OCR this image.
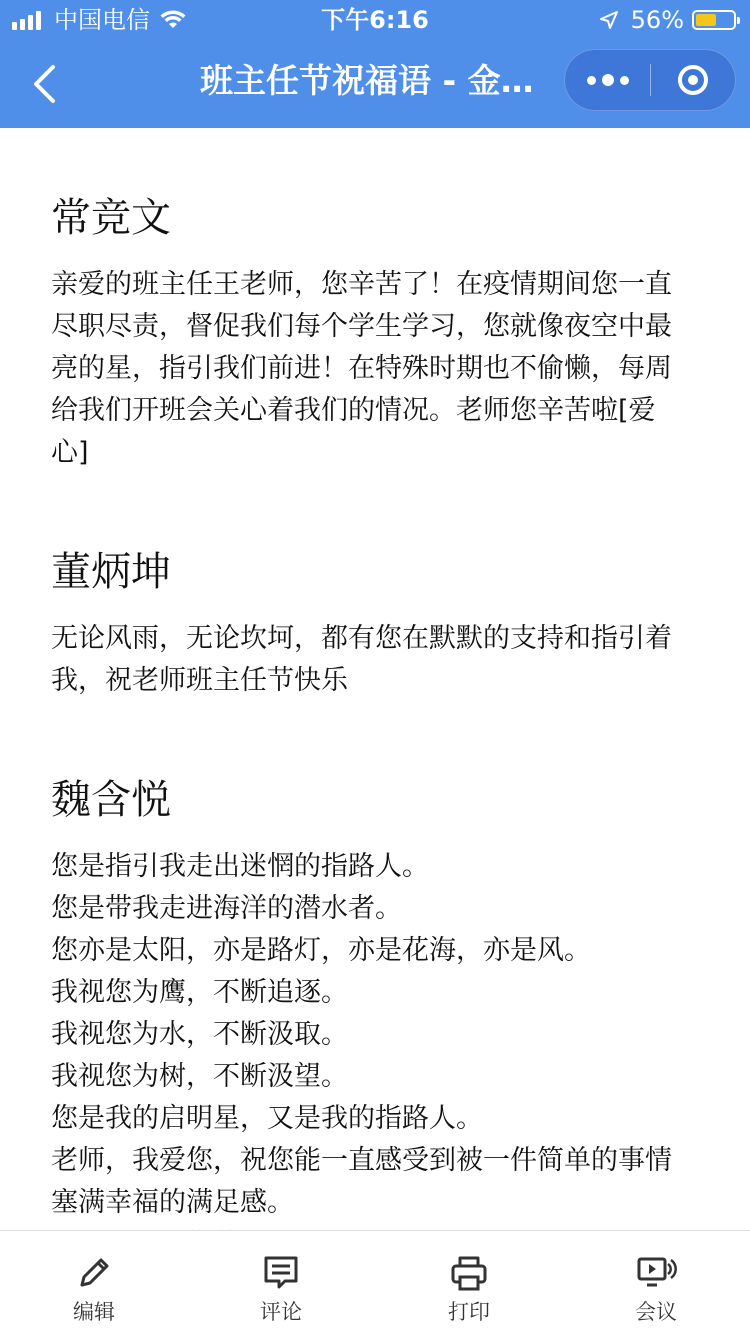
中国电信	下午6:16	56%
班主任节祝福语 - 金…
常竞文

亲爱的班主任王老师，您辛苦了！在疫情期间您一直
尽职尽责，督促我们每个学生学习，您就像夜空中最
亮的星，指引我们前进！在特殊时期也不偷懒，每周
给我们开班会关心着我们的情况。老师您辛苦啦[爱
心]

董炳坤

无论风雨，无论坎坷，都有您在默默的支持和指引着
我，祝老师班主任节快乐

魏含悦

您是指引我走出迷惘的指路人。
您是带我走进海洋的潜水者。
您亦是太阳，亦是路灯，亦是花海，亦是风。
我视您为鹰，不断追逐。
我视您为水，不断汲取。
我视您为树，不断汲望。
您是我的启明星，又是我的指路人。
老师，我爱您，祝您能一直感受到被一件简单的事情
塞满幸福的满足感。

编辑	评论	打印	会议
